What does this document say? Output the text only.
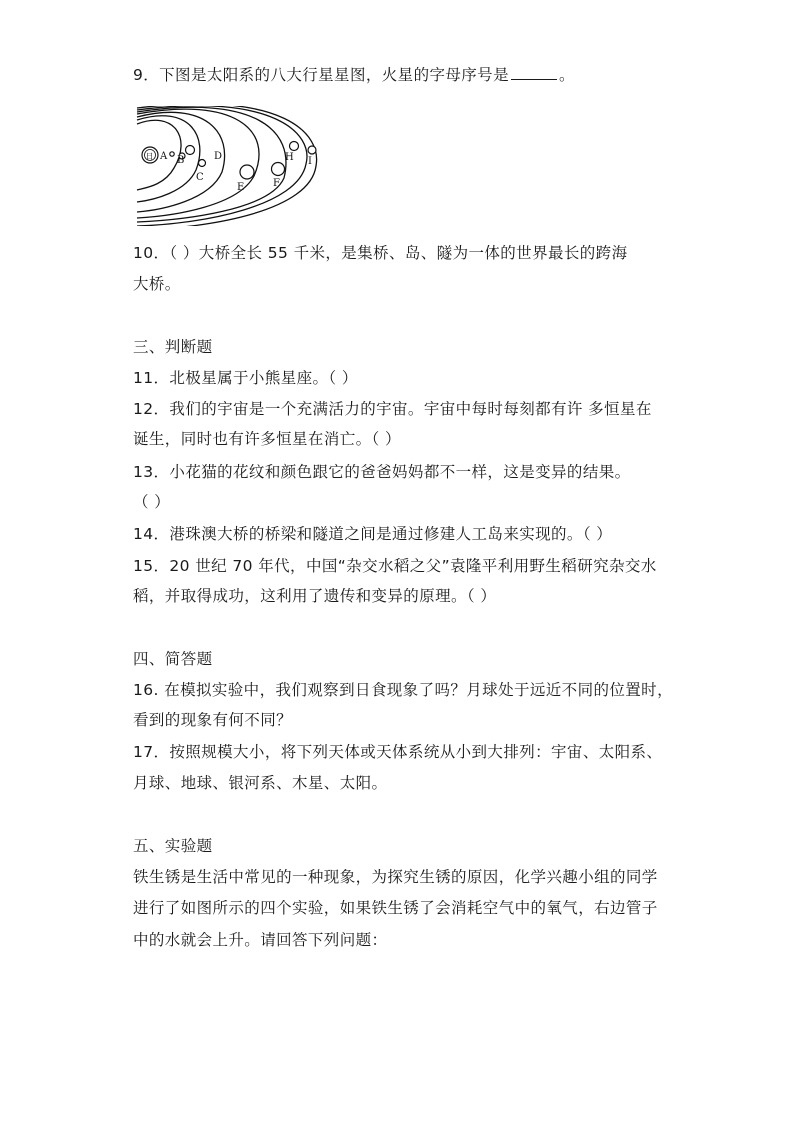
9．下图是太阳系的八大行星星图，火星的字母序号是	。
日 A B
C
D
E	F
H I
10．（ ）大桥全长 55 千米，是集桥、岛、隧为一体的世界最长的跨海
大桥。
三、判断题
11．北极星属于小熊星座。（ ）
12．我们的宇宙是一个充满活力的宇宙。宇宙中每时每刻都有许 多恒星在
诞生，同时也有许多恒星在消亡。（ ）
13．小花猫的花纹和颜色跟它的爸爸妈妈都不一样，这是变异的结果。
（ ）
14．港珠澳大桥的桥梁和隧道之间是通过修建人工岛来实现的。（ ）
15．20 世纪 70 年代，中国“杂交水稻之父”袁隆平利用野生稻研究杂交水
稻，并取得成功，这利用了遗传和变异的原理。（ ）
四、简答题
16. 在模拟实验中，我们观察到日食现象了吗？月球处于远近不同的位置时，
看到的现象有何不同？
17．按照规模大小，将下列天体或天体系统从小到大排列：宇宙、太阳系、
月球、地球、银河系、木星、太阳。
五、实验题
铁生锈是生活中常见的一种现象，为探究生锈的原因，化学兴趣小组的同学
进行了如图所示的四个实验，如果铁生锈了会消耗空气中的氧气，右边管子
中的水就会上升。请回答下列问题：
